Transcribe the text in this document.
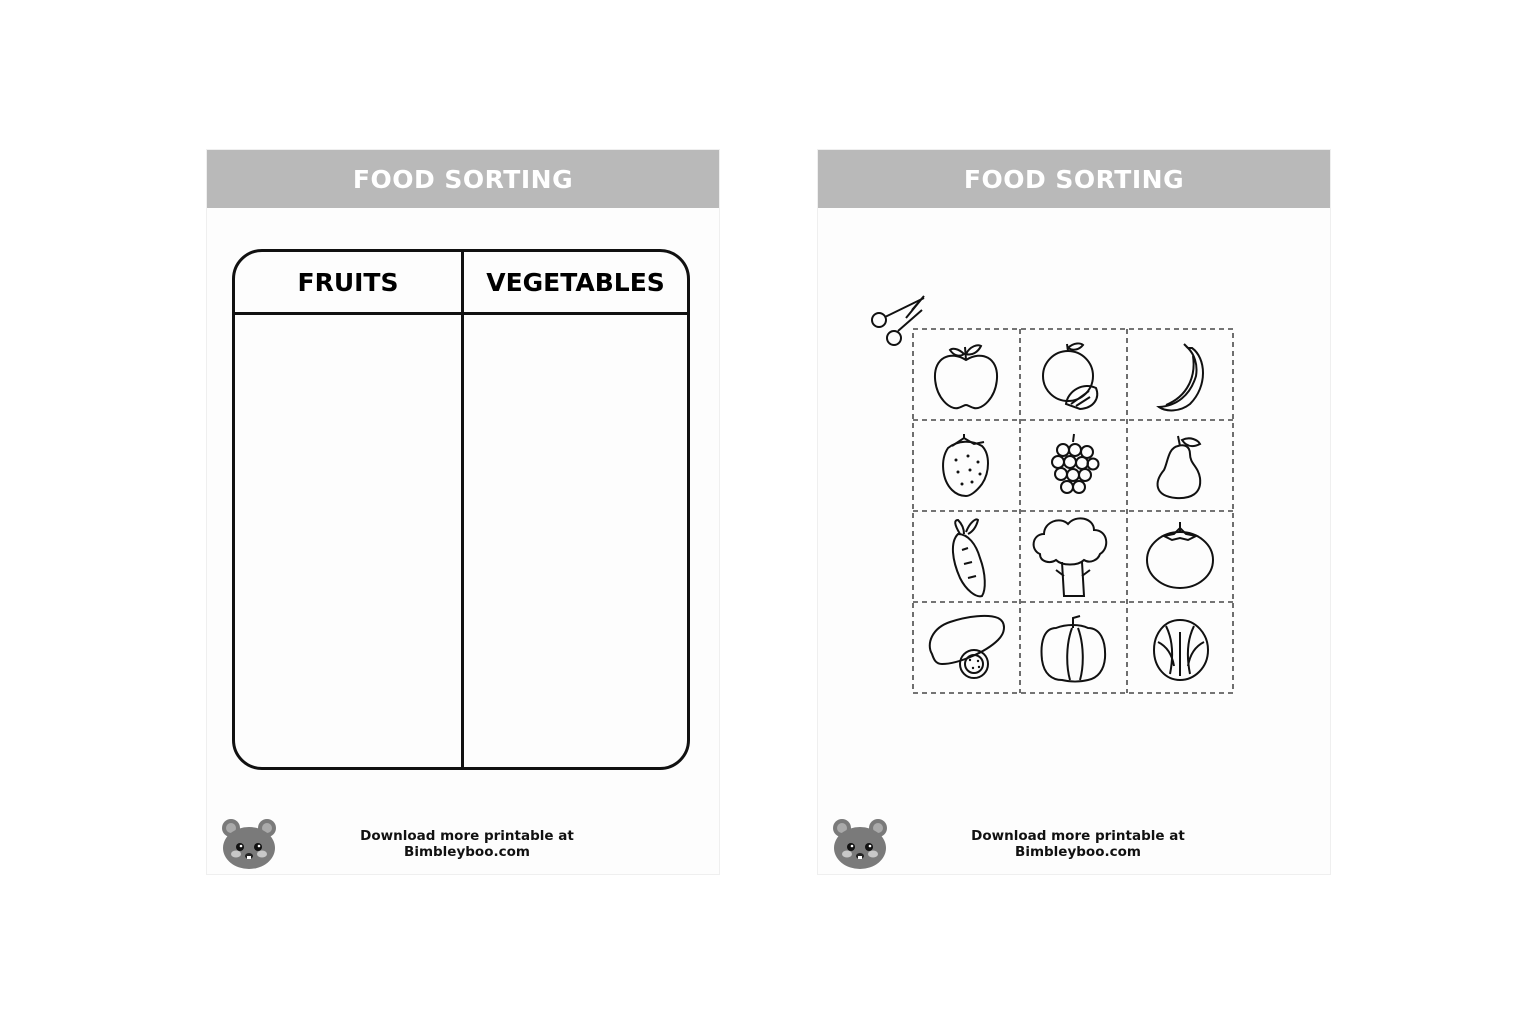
FOOD SORTING
FRUITS	VEGETABLES
Download more printable at
Bimbleyboo.com
FOOD SORTING
Download more printable at
Bimbleyboo.com
